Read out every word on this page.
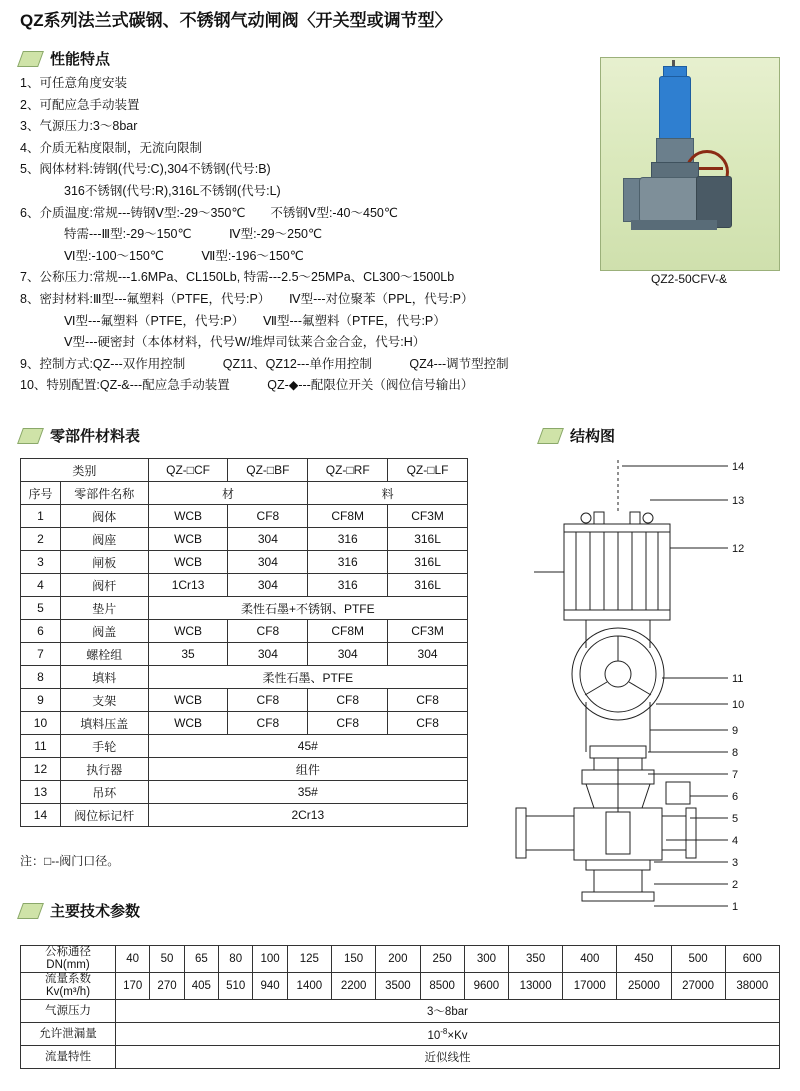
QZ系列法兰式碳钢、不锈钢气动闸阀〈开关型或调节型〉
性能特点
1、可任意角度安装
2、可配应急手动装置
3、气源压力:3～8bar
4、介质无粘度限制，无流向限制
5、阀体材料:铸钢(代号:C),304不锈钢(代号:B)
316不锈钢(代号:R),316L不锈钢(代号:L)
6、介质温度:常规---铸钢Ⅴ型:-29～350℃　　不锈钢Ⅴ型:-40～450℃
特需---Ⅲ型:-29～150℃　　　Ⅳ型:-29～250℃
Ⅵ型:-100～150℃　　　Ⅶ型:-196～150℃
7、公称压力:常规---1.6MPa、CL150Lb, 特需---2.5～25MPa、CL300～1500Lb
8、密封材料:Ⅲ型---氟塑料（PTFE，代号:P）　　Ⅳ型---对位聚苯（PPL，代号:P）
Ⅵ型---氟塑料（PTFE，代号:P）　　Ⅶ型---氟塑料（PTFE，代号:P）
Ⅴ型---硬密封（本体材料，代号W/堆焊司钛莱合金合金，代号:H）
9、控制方式:QZ---双作用控制　　　QZ11、QZ12---单作用控制　　　QZ4---调节型控制
10、特别配置:QZ-&---配应急手动装置　　　QZ-◆---配限位开关（阀位信号输出）
QZ2-50CFV-&
零部件材料表	结构图
类别		QZ-□CF	QZ-□BF	QZ-□RF	QZ-□LF
序号	零部件名称	材		料	
1	阀体	WCB	CF8	CF8M	CF3M
2	阀座	WCB	304	316	316L
3	闸板	WCB	304	316	316L
4	阀杆	1Cr13	304	316	316L
5	垫片	柔性石墨+不锈钢、PTFE			
6	阀盖	WCB	CF8	CF8M	CF3M
7	螺栓组	35	304	304	304
8	填料	柔性石墨、PTFE			
9	支架	WCB	CF8	CF8	CF8
10	填料压盖	WCB	CF8	CF8	CF8
11	手轮	45#			
12	执行器	组件			
13	吊环	35#			
14	阀位标记杆	2Cr13			
注：□--阀门口径。
14
13
12
11
10
9
8
7
6
5
4
3
2
1
主要技术参数
公称通径
DN(mm)	40	50	65	80	100	125	150	200	250	300	350	400	450	500	600

流量系数
Kv(m³/h)	170	270	405	510	940	1400	2200	3500	8500	9600	13000	17000	25000	27000	38000
气源压力	3～8bar														
允许泄漏量	$10^{-8}\times Kv$														
流量特性	近似线性														
